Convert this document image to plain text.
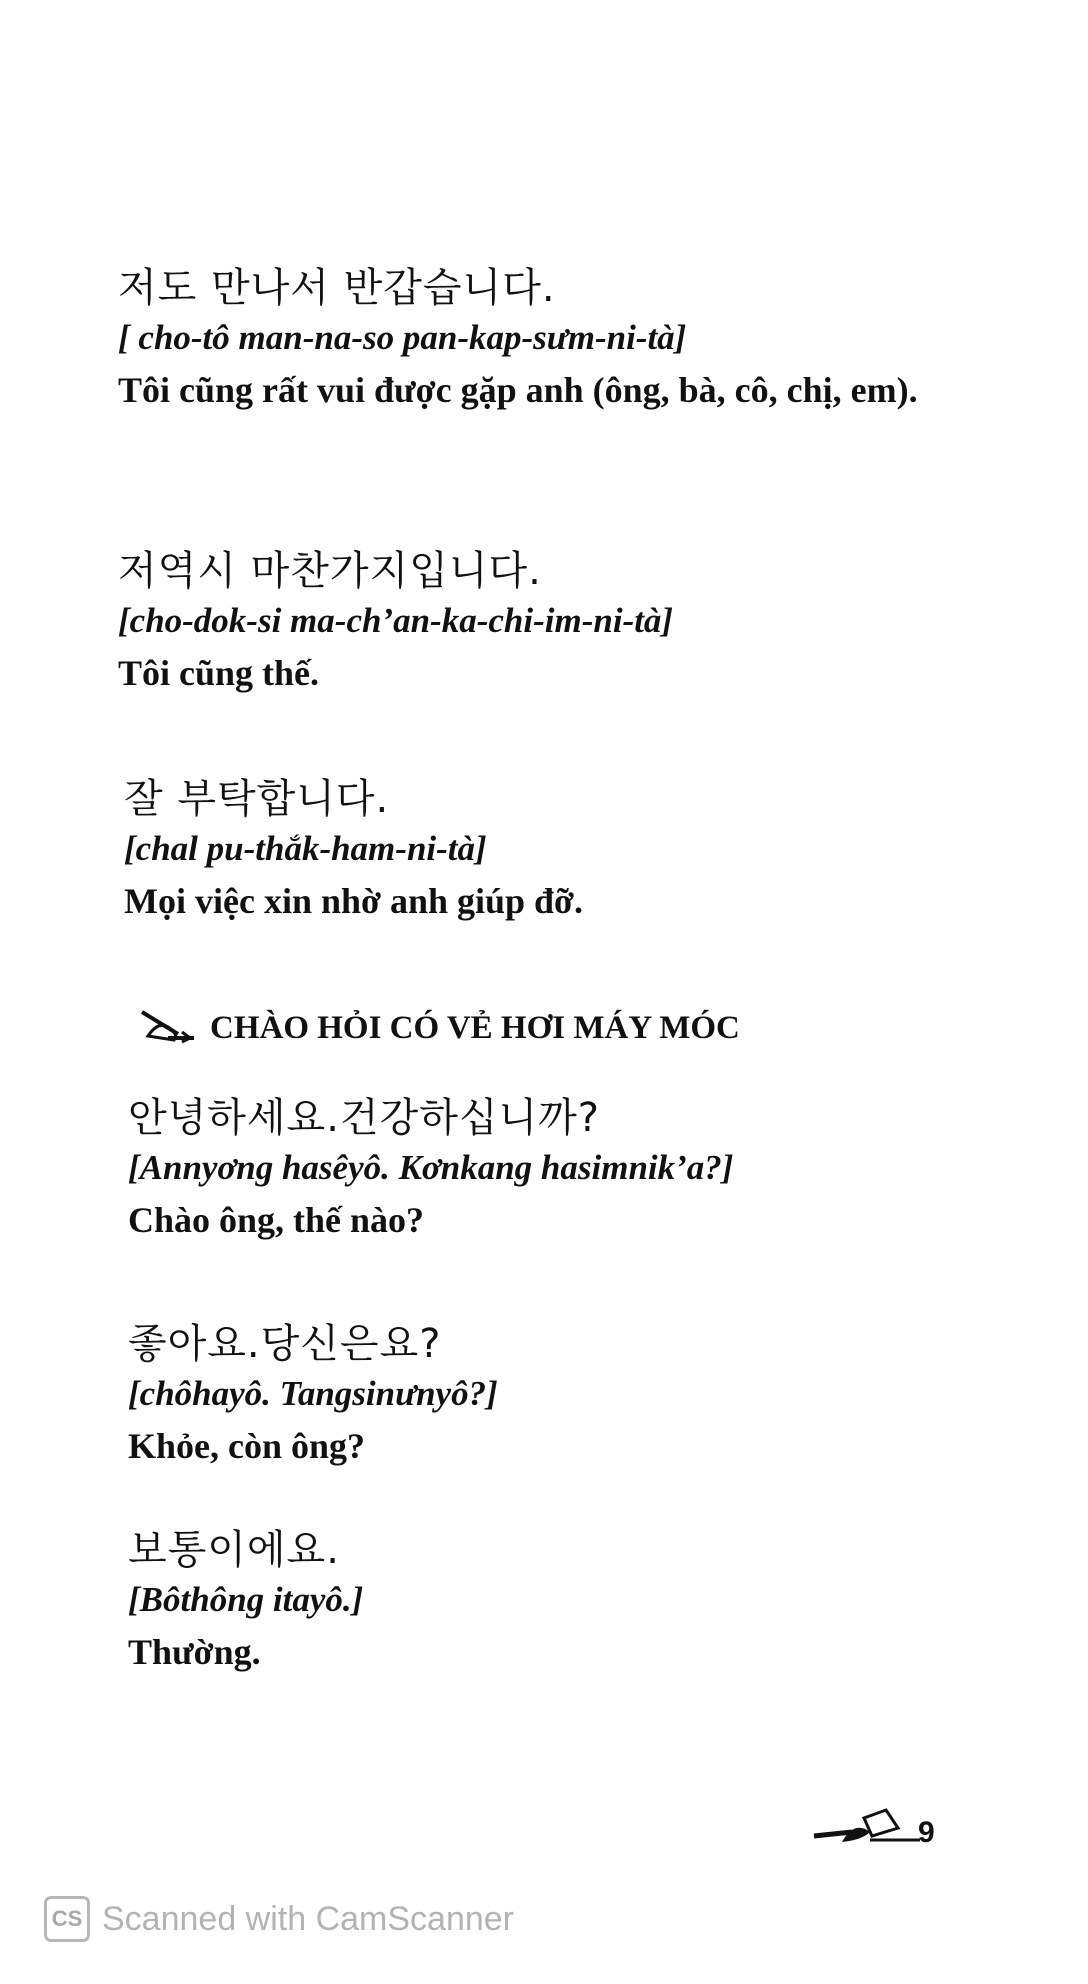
저도 만나서 반갑습니다.
[ cho-tô man-na-so pan-kap-sưm-ni-tà]
Tôi cũng rất vui được gặp anh (ông, bà, cô, chị, em).
저역시 마찬가지입니다.
[cho-dok-si ma-ch’an-ka-chi-im-ni-tà]
Tôi cũng thế.
잘 부탁합니다.
[chal pu-thắk-ham-ni-tà]
Mọi việc xin nhờ anh giúp đỡ.
CHÀO HỎI CÓ VẺ HƠI MÁY MÓC
안녕하세요.건강하십니까?
[Annyơng hasêyô. Kơnkang hasimnik’a?]
Chào ông, thế nào?
좋아요.당신은요?
[chôhayô. Tangsinưnyô?]
Khỏe, còn ông?
보통이에요.
[Bôthông itayô.]
Thường.
9
CS Scanned with CamScanner
